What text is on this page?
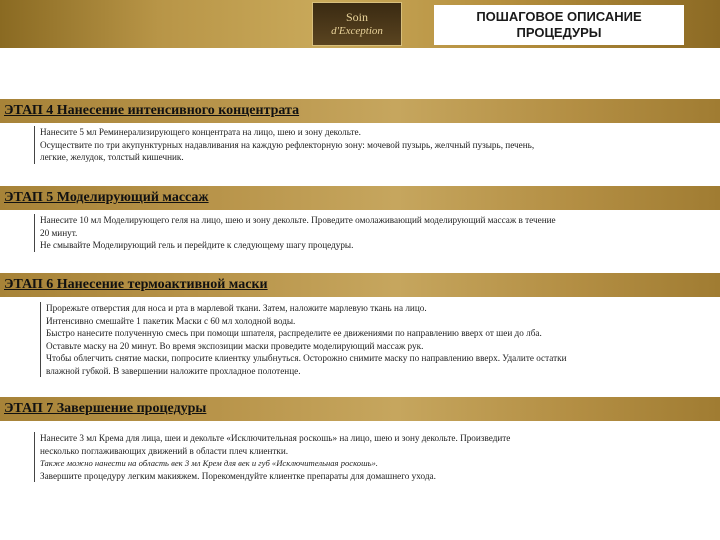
Soin
d'Exception
ПОШАГОВОЕ ОПИСАНИЕ
ПРОЦЕДУРЫ
ЭТАП 4 Нанесение интенсивного концентрата

Нанесите 5 мл Реминерализирующего концентрата на лицо, шею и зону декольте.

Осуществите по три акупунктурных надавливания на каждую рефлекторную зону: мочевой пузырь, желчный пузырь, печень,

легкие, желудок, толстый кишечник.

ЭТАП 5 Моделирующий массаж

Нанесите 10 мл Моделирующего геля на лицо, шею и зону декольте. Проведите омолаживающий моделирующий массаж в течение

20 минут.

Не смывайте Моделирующий гель и перейдите к следующему шагу процедуры.

ЭТАП 6 Нанесение термоактивной маски

Прорежьте отверстия для носа и рта в марлевой ткани. Затем, наложите марлевую ткань на лицо.

Интенсивно смешайте 1 пакетик Маски с 60 мл холодной воды.

Быстро нанесите полученную смесь при помощи шпателя, распределите ее движениями по направлению вверх от шеи до лба.

Оставьте маску на 20 минут. Во время экспозиции маски проведите моделирующий массаж рук.

Чтобы облегчить снятие маски, попросите клиентку улыбнуться. Осторожно снимите маску по направлению вверх. Удалите остатки

влажной губкой. В завершении наложите прохладное полотенце.

ЭТАП 7 Завершение процедуры

Нанесите 3 мл Крема для лица, шеи и декольте «Исключительная роскошь» на лицо, шею и зону декольте. Произведите

несколько поглаживающих движений в области плеч клиентки.

Также можно нанести на область век 3 мл Крем для век и губ «Исключительная роскошь».

Завершите процедуру легким макияжем. Порекомендуйте клиентке препараты для домашнего ухода.
